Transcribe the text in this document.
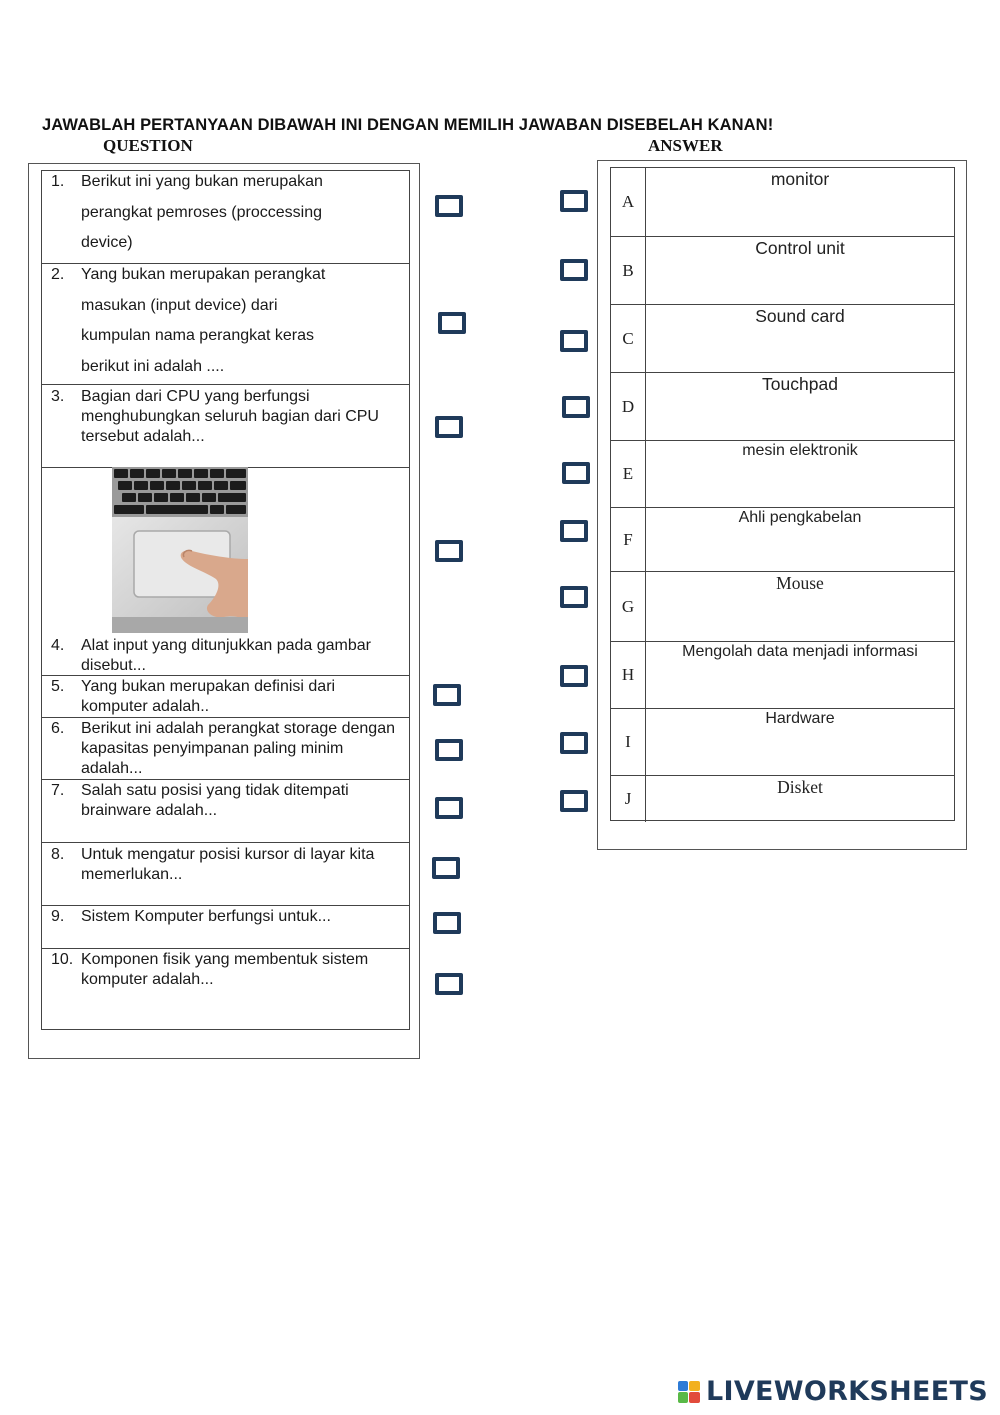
JAWABLAH PERTANYAAN DIBAWAH INI DENGAN MEMILIH JAWABAN DISEBELAH KANAN!
QUESTION	ANSWER
1. Berikut ini yang bukan merupakan
perangkat pemroses (proccessing
device)
2. Yang bukan merupakan perangkat
masukan (input device) dari
kumpulan nama perangkat keras
berikut ini adalah ....
3. Bagian dari CPU yang berfungsi menghubungkan seluruh bagian dari CPU tersebut adalah...
4. Alat input yang ditunjukkan pada gambar disebut...
5. Yang bukan merupakan definisi dari komputer adalah..
6. Berikut ini adalah perangkat storage dengan kapasitas penyimpanan paling minim adalah...
7. Salah satu posisi yang tidak ditempati brainware adalah...
8. Untuk mengatur posisi kursor di layar kita memerlukan...
9. Sistem Komputer berfungsi untuk...
10. Komponen fisik yang membentuk sistem komputer adalah...
A
monitor
B
Control unit
C
Sound card
D
Touchpad
E
mesin elektronik
F
Ahli pengkabelan
G
Mouse
H
Mengolah data menjadi informasi
I
Hardware
J
Disket
LIVEWORKSHEETS
